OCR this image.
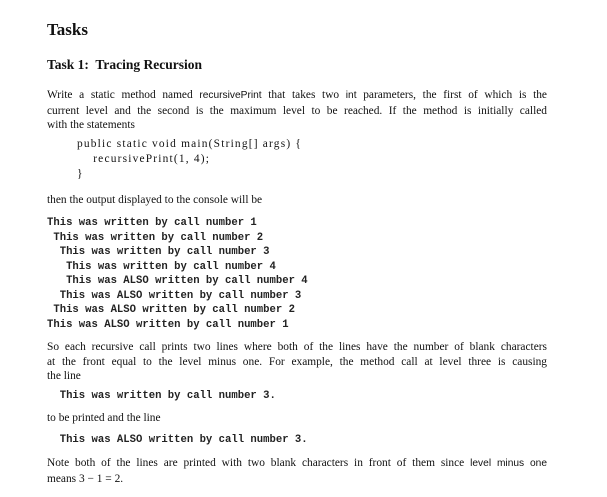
Tasks
Task 1:  Tracing Recursion
Write a static method named recursivePrint that takes two int parameters, the first of which is the
current level and the second is the maximum level to be reached. If the method is initially called
with the statements
public static void main(String[] args) {
recursivePrint(1, 4);
}
then the output displayed to the console will be
This was written by call number 1
This was written by call number 2
This was written by call number 3
This was written by call number 4
This was ALSO written by call number 4
This was ALSO written by call number 3
This was ALSO written by call number 2
This was ALSO written by call number 1
So each recursive call prints two lines where both of the lines have the number of blank characters
at the front equal to the level minus one. For example, the method call at level three is causing
the line
This was written by call number 3.
to be printed and the line
This was ALSO written by call number 3.
Note both of the lines are printed with two blank characters in front of them since level minus one
means 3 − 1 = 2.
